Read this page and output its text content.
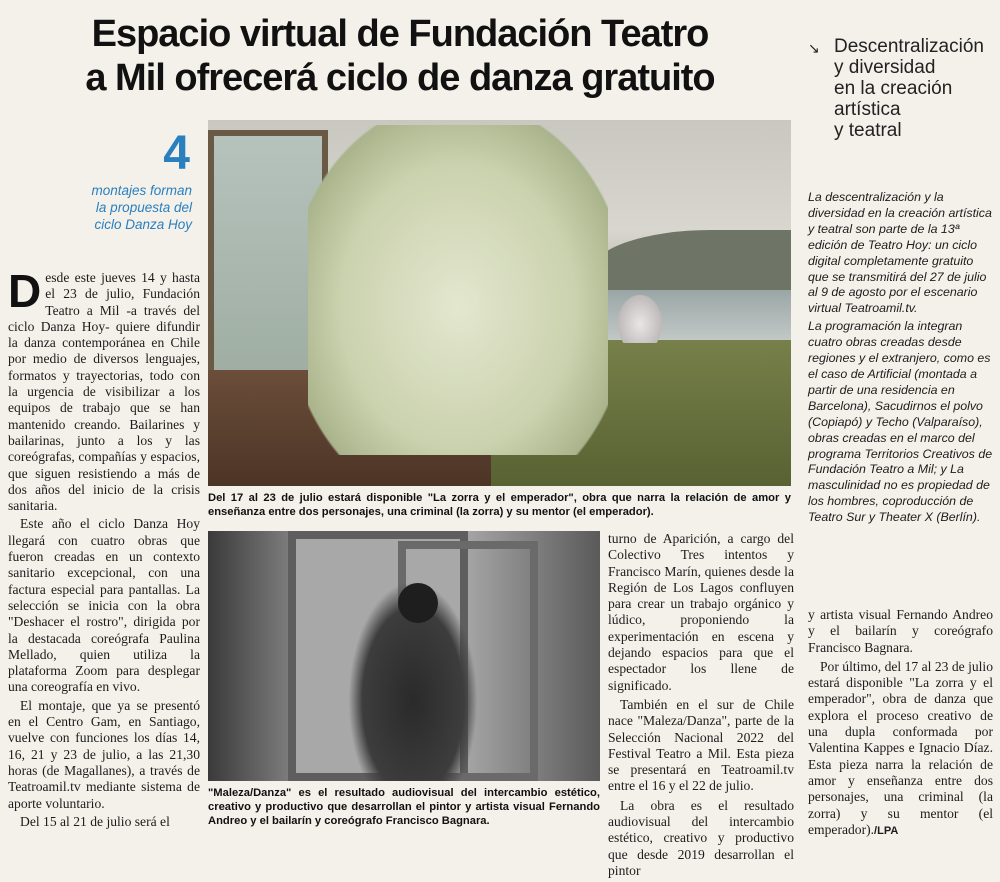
Espacio virtual de Fundación Teatro
a Mil ofrecerá ciclo de danza gratuito
↘ Descentralización
y diversidad
en la creación
artística
y teatral
4
montajes forman
la propuesta del
ciclo Danza Hoy

Desde este jueves 14 y hasta el 23 de julio, Fundación Teatro a Mil -a través del ciclo Danza Hoy- quiere difundir la danza contemporánea en Chile por medio de diversos lenguajes, formatos y trayectorias, todo con la urgencia de visibilizar a los equipos de trabajo que se han mantenido creando. Bailarines y bailarinas, junto a los y las coreógrafas, compañías y espacios, que siguen resistiendo a más de dos años del inicio de la crisis sanitaria.

Este año el ciclo Danza Hoy llegará con cuatro obras que fueron creadas en un contexto sanitario excepcional, con una factura especial para pantallas. La selección se inicia con la obra "Deshacer el rostro", dirigida por la destacada coreógrafa Paulina Mellado, quien utiliza la plataforma Zoom para desplegar una coreografía en vivo.

El montaje, que ya se presentó en el Centro Gam, en Santiago, vuelve con funciones los días 14, 16, 21 y 23 de julio, a las 21,30 horas (de Magallanes), a través de Teatroamil.tv mediante sistema de aporte voluntario.

Del 15 al 21 de julio será el

Del 17 al 23 de julio estará disponible "La zorra y el emperador", obra que narra la relación de amor y enseñanza entre dos personajes, una criminal (la zorra) y su mentor (el emperador).
"Maleza/Danza" es el resultado audiovisual del intercambio estético, creativo y productivo que desarrollan el pintor y artista visual Fernando Andreo y el bailarín y coreógrafo Francisco Bagnara.

turno de Aparición, a cargo del Colectivo Tres intentos y Francisco Marín, quienes desde la Región de Los Lagos confluyen para crear un trabajo orgánico y lúdico, proponiendo la experimentación en escena y dejando espacios para que el espectador los llene de significado.

También en el sur de Chile nace "Maleza/Danza", parte de la Selección Nacional 2022 del Festival Teatro a Mil. Esta pieza se presentará en Teatroamil.tv entre el 16 y el 22 de julio.

La obra es el resultado audiovisual del intercambio estético, creativo y productivo que desde 2019 desarrollan el pintor

La descentralización y la diversidad en la creación artística y teatral son parte de la 13ª edición de Teatro Hoy: un ciclo digital completamente gratuito que se transmitirá del 27 de julio al 9 de agosto por el escenario virtual Teatroamil.tv.

La programación la integran cuatro obras creadas desde regiones y el extranjero, como es el caso de Artificial (montada a partir de una residencia en Barcelona), Sacudirnos el polvo (Copiapó) y Techo (Valparaíso), obras creadas en el marco del programa Territorios Creativos de Fundación Teatro a Mil; y La masculinidad no es propiedad de los hombres, coproducción de Teatro Sur y Theater X (Berlín).

y artista visual Fernando Andreo y el bailarín y coreógrafo Francisco Bagnara.

Por último, del 17 al 23 de julio estará disponible "La zorra y el emperador", obra de danza que explora el proceso creativo de una dupla conformada por Valentina Kappes e Ignacio Díaz. Esta pieza narra la relación de amor y enseñanza entre dos personajes, una criminal (la zorra) y su mentor (el emperador)./LPA
